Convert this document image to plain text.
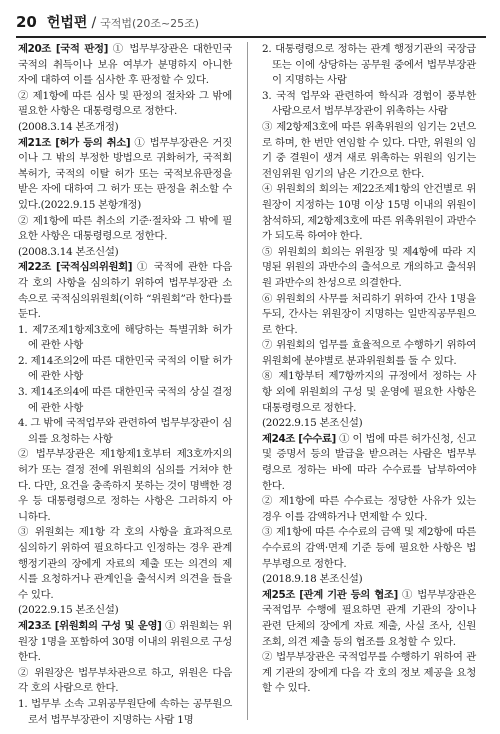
20 헌법편 / 국적법(20조~25조)

제20조 [국적 판정] ① 법무부장관은 대한민국 국적의 취득이나 보유 여부가 분명하지 아니한 자에 대하여 이를 심사한 후 판정할 수 있다.

② 제1항에 따른 심사 및 판정의 절차와 그 밖에 필요한 사항은 대통령령으로 정한다.

(2008.3.14 본조개정)

제21조 [허가 등의 취소] ① 법무부장관은 거짓이나 그 밖의 부정한 방법으로 귀화허가, 국적회복허가, 국적의 이탈 허가 또는 국적보유판정을 받은 자에 대하여 그 허가 또는 판정을 취소할 수 있다.(2022.9.15 본항개정)

② 제1항에 따른 취소의 기준·절차와 그 밖에 필요한 사항은 대통령령으로 정한다.

(2008.3.14 본조신설)

제22조 [국적심의위원회] ① 국적에 관한 다음 각 호의 사항을 심의하기 위하여 법무부장관 소속으로 국적심의위원회(이하 “위원회”라 한다)를 둔다.

1. 제7조제1항제3호에 해당하는 특별귀화 허가에 관한 사항

2. 제14조의2에 따른 대한민국 국적의 이탈 허가에 관한 사항

3. 제14조의4에 따른 대한민국 국적의 상실 결정에 관한 사항

4. 그 밖에 국적업무와 관련하여 법무부장관이 심의를 요청하는 사항

② 법무부장관은 제1항제1호부터 제3호까지의 허가 또는 결정 전에 위원회의 심의를 거쳐야 한다. 다만, 요건을 충족하지 못하는 것이 명백한 경우 등 대통령령으로 정하는 사항은 그러하지 아니하다.

③ 위원회는 제1항 각 호의 사항을 효과적으로 심의하기 위하여 필요하다고 인정하는 경우 관계 행정기관의 장에게 자료의 제출 또는 의견의 제시를 요청하거나 관계인을 출석시켜 의견을 들을 수 있다.

(2022.9.15 본조신설)

제23조 [위원회의 구성 및 운영] ① 위원회는 위원장 1명을 포함하여 30명 이내의 위원으로 구성한다.

② 위원장은 법무부차관으로 하고, 위원은 다음 각 호의 사람으로 한다.

1. 법무부 소속 고위공무원단에 속하는 공무원으로서 법무부장관이 지명하는 사람 1명

2. 대통령령으로 정하는 관계 행정기관의 국장급 또는 이에 상당하는 공무원 중에서 법무부장관이 지명하는 사람

3. 국적 업무와 관련하여 학식과 경험이 풍부한 사람으로서 법무부장관이 위촉하는 사람

③ 제2항제3호에 따른 위촉위원의 임기는 2년으로 하며, 한 번만 연임할 수 있다. 다만, 위원의 임기 중 결원이 생겨 새로 위촉하는 위원의 임기는 전임위원 임기의 남은 기간으로 한다.

④ 위원회의 회의는 제22조제1항의 안건별로 위원장이 지정하는 10명 이상 15명 이내의 위원이 참석하되, 제2항제3호에 따른 위촉위원이 과반수가 되도록 하여야 한다.

⑤ 위원회의 회의는 위원장 및 제4항에 따라 지명된 위원의 과반수의 출석으로 개의하고 출석위원 과반수의 찬성으로 의결한다.

⑥ 위원회의 사무를 처리하기 위하여 간사 1명을 두되, 간사는 위원장이 지명하는 일반직공무원으로 한다.

⑦ 위원회의 업무를 효율적으로 수행하기 위하여 위원회에 분야별로 분과위원회를 둘 수 있다.

⑧ 제1항부터 제7항까지의 규정에서 정하는 사항 외에 위원회의 구성 및 운영에 필요한 사항은 대통령령으로 정한다.

(2022.9.15 본조신설)

제24조 [수수료] ① 이 법에 따른 허가신청, 신고 및 증명서 등의 발급을 받으려는 사람은 법무부령으로 정하는 바에 따라 수수료를 납부하여야 한다.

② 제1항에 따른 수수료는 정당한 사유가 있는 경우 이를 감액하거나 면제할 수 있다.

③ 제1항에 따른 수수료의 금액 및 제2항에 따른 수수료의 감액·면제 기준 등에 필요한 사항은 법무부령으로 정한다.

(2018.9.18 본조신설)

제25조 [관계 기관 등의 협조] ① 법무부장관은 국적업무 수행에 필요하면 관계 기관의 장이나 관련 단체의 장에게 자료 제출, 사실 조사, 신원 조회, 의견 제출 등의 협조를 요청할 수 있다.

② 법무부장관은 국적업무를 수행하기 위하여 관계 기관의 장에게 다음 각 호의 정보 제공을 요청할 수 있다.
